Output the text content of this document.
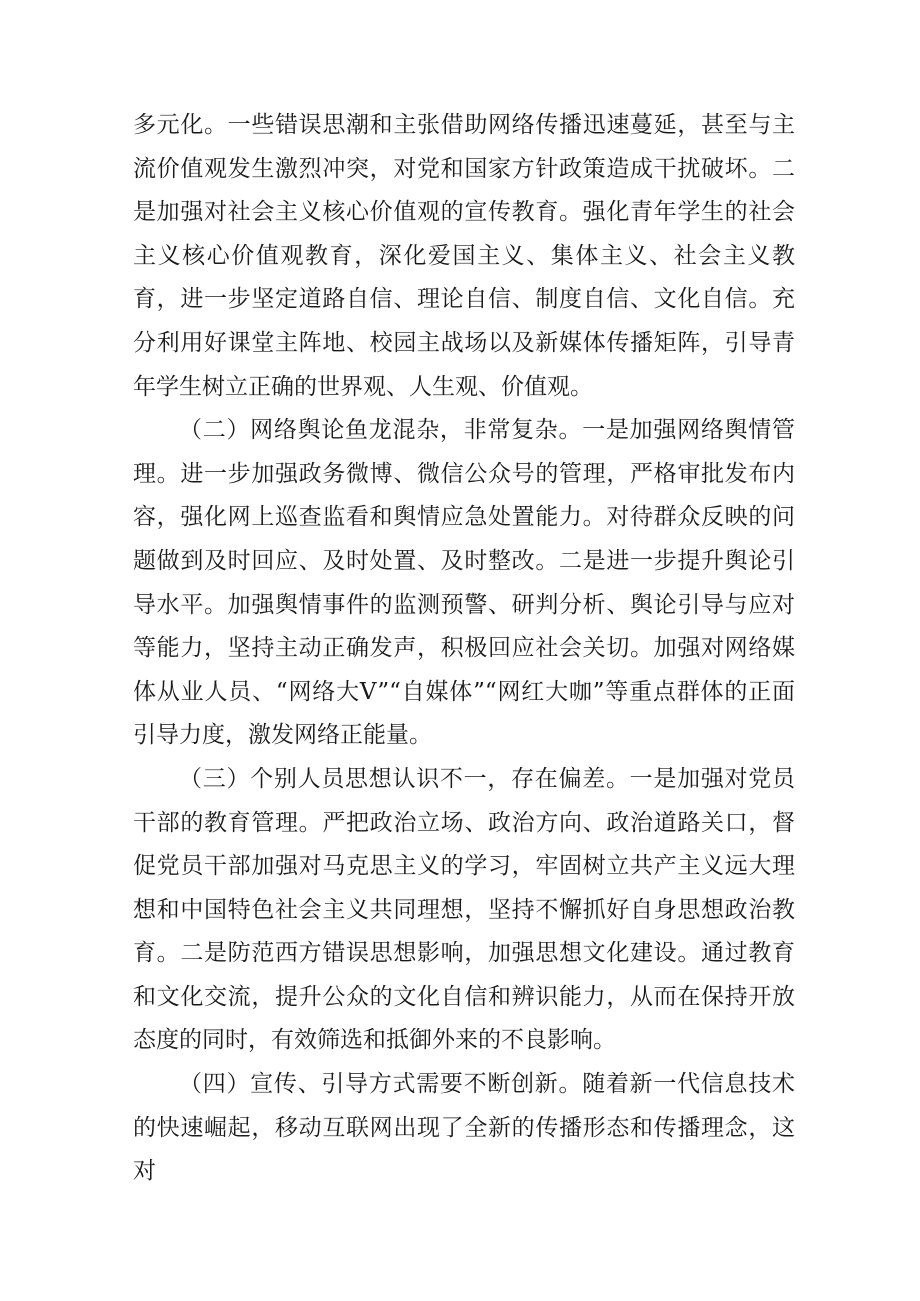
多元化。一些错误思潮和主张借助网络传播迅速蔓延，甚至与主流价值观发生激烈冲突，对党和国家方针政策造成干扰破坏。二是加强对社会主义核心价值观的宣传教育。强化青年学生的社会主义核心价值观教育，深化爱国主义、集体主义、社会主义教育，进一步坚定道路自信、理论自信、制度自信、文化自信。充分利用好课堂主阵地、校园主战场以及新媒体传播矩阵，引导青年学生树立正确的世界观、人生观、价值观。

（二）网络舆论鱼龙混杂，非常复杂。一是加强网络舆情管理。进一步加强政务微博、微信公众号的管理，严格审批发布内容，强化网上巡查监看和舆情应急处置能力。对待群众反映的问题做到及时回应、及时处置、及时整改。二是进一步提升舆论引导水平。加强舆情事件的监测预警、研判分析、舆论引导与应对等能力，坚持主动正确发声，积极回应社会关切。加强对网络媒体从业人员、“网络大V”“自媒体”“网红大咖”等重点群体的正面引导力度，激发网络正能量。

（三）个别人员思想认识不一，存在偏差。一是加强对党员干部的教育管理。严把政治立场、政治方向、政治道路关口，督促党员干部加强对马克思主义的学习，牢固树立共产主义远大理想和中国特色社会主义共同理想，坚持不懈抓好自身思想政治教育。二是防范西方错误思想影响，加强思想文化建设。通过教育和文化交流，提升公众的文化自信和辨识能力，从而在保持开放态度的同时，有效筛选和抵御外来的不良影响。

（四）宣传、引导方式需要不断创新。随着新一代信息技术的快速崛起，移动互联网出现了全新的传播形态和传播理念，这对
